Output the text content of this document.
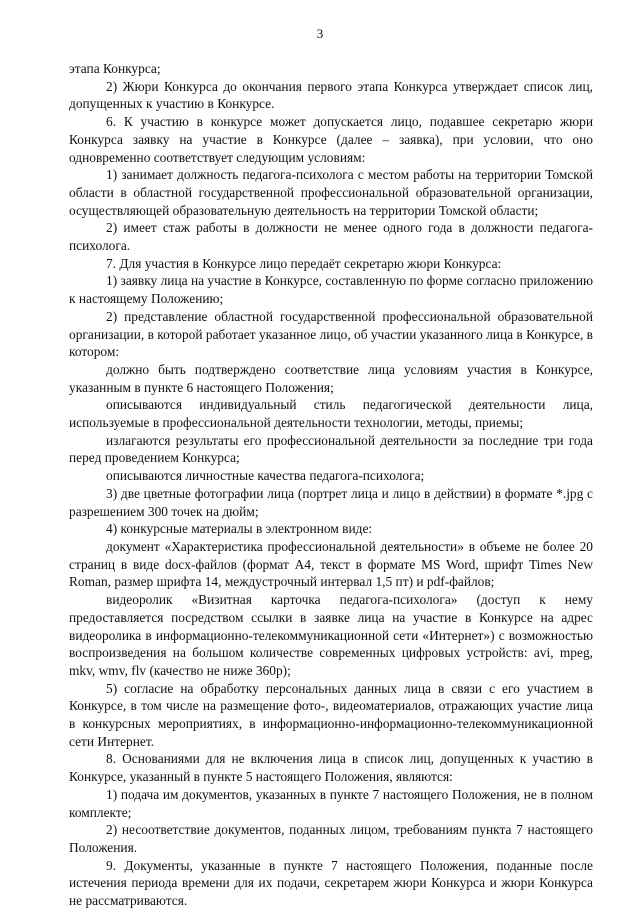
3

этапа Конкурса;

2) Жюри Конкурса до окончания первого этапа Конкурса утверждает список лиц, допущенных к участию в Конкурсе.

6. К участию в конкурсе может допускается лицо, подавшее секретарю жюри Конкурса заявку на участие в Конкурсе (далее – заявка), при условии, что оно одновременно соответствует следующим условиям:

1) занимает должность педагога-психолога с местом работы на территории Томской области в областной государственной профессиональной образовательной организации, осуществляющей образовательную деятельность на территории Томской области;

2) имеет стаж работы в должности не менее одного года в должности педагога-психолога.

7. Для участия в Конкурсе лицо передаёт секретарю жюри Конкурса:

1) заявку лица на участие в Конкурсе, составленную по форме согласно приложению к настоящему Положению;

2) представление областной государственной профессиональной образовательной организации, в которой работает указанное лицо, об участии указанного лица в Конкурсе, в котором:

должно быть подтверждено соответствие лица условиям участия в Конкурсе, указанным в пункте 6 настоящего Положения;

описываются индивидуальный стиль педагогической деятельности лица, используемые в профессиональной деятельности технологии, методы, приемы;

излагаются результаты его профессиональной деятельности за последние три года перед проведением Конкурса;

описываются личностные качества педагога-психолога;

3) две цветные фотографии лица (портрет лица и лицо в действии) в формате *.jpg с разрешением 300 точек на дюйм;

4) конкурсные материалы в электронном виде:

документ «Характеристика профессиональной деятельности» в объеме не более 20 страниц в виде docx-файлов (формат А4, текст в формате MS Word, шрифт Times New Roman, размер шрифта 14, междустрочный интервал 1,5 пт) и pdf-файлов;

видеоролик «Визитная карточка педагога-психолога» (доступ к нему предоставляется посредством ссылки в заявке лица на участие в Конкурсе на адрес видеоролика в информационно-телекоммуникационной сети «Интернет») с возможностью воспроизведения на большом количестве современных цифровых устройств: avi, mpeg, mkv, wmv, flv (качество не ниже 360p);

5) согласие на обработку персональных данных лица в связи с его участием в Конкурсе, в том числе на размещение фото-, видеоматериалов, отражающих участие лица в конкурсных мероприятиях, в информационно-информационно-телекоммуникационной сети Интернет.

8. Основаниями для не включения лица в список лиц, допущенных к участию в Конкурсе, указанный в пункте 5 настоящего Положения, являются:

1) подача им документов, указанных в пункте 7 настоящего Положения, не в полном комплекте;

2) несоответствие документов, поданных лицом, требованиям пункта 7 настоящего Положения.

9. Документы, указанные в пункте 7 настоящего Положения, поданные после истечения периода времени для их подачи, секретарем жюри Конкурса и жюри Конкурса не рассматриваются.
